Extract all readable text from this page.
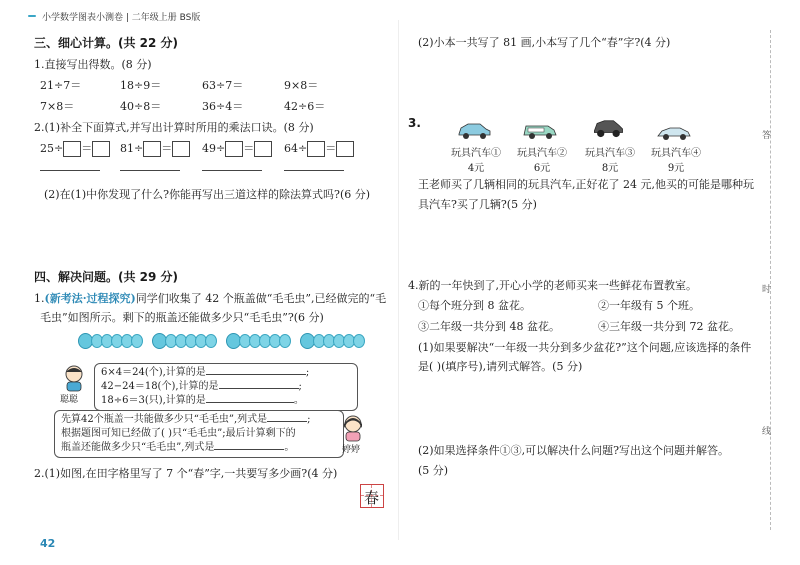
小学数学图表小测卷 | 二年级上册 BS版
三、细心计算。(共 22 分)
1.直接写出得数。(8 分)
21÷7＝	18÷9＝	63÷7＝	9×8＝
7×8＝	40÷8＝	36÷4＝	42÷6＝
2.(1)补全下面算式,并写出计算时所用的乘法口诀。(8 分)
25÷ ＝	81÷ ＝	49÷ ＝	64÷ ＝
(2)在(1)中你发现了什么?你能再写出三道这样的除法算式吗?(6 分)
四、解决问题。(共 29 分)
1.(新考法·过程探究)同学们收集了 42 个瓶盖做“毛毛虫”,已经做完的“毛
毛虫”如图所示。剩下的瓶盖还能做多少只“毛毛虫”?(6 分)
聪聪
6×4＝24(个),计算的是	;
42−24＝18(个),计算的是	;
18÷6＝3(只),计算的是	。
先算42个瓶盖一共能做多少只“毛毛虫”,列式是	;
根据题图可知已经做了( )只“毛毛虫”;最后计算剩下的
瓶盖还能做多少只“毛毛虫”,列式是	。	婷婷
2.(1)如图,在田字格里写了 7 个“春”字,一共要写多少画?(4 分)
春
42
(2)小本一共写了 81 画,小本写了几个“春”字?(4 分)
3.
玩具汽车①
4元
玩具汽车②
6元
玩具汽车③
8元
玩具汽车④
9元
王老师买了几辆相同的玩具汽车,正好花了 24 元,他买的可能是哪种玩
具汽车?买了几辆?(5 分)
4.新的一年快到了,开心小学的老师买来一些鲜花布置教室。
①每个班分到 8 盆花。	②一年级有 5 个班。
③二年级一共分到 48 盆花。	④三年级一共分到 72 盆花。
(1)如果要解决“一年级一共分到多少盆花?”这个问题,应该选择的条件
是( )(填序号),请列式解答。(5 分)
(2)如果选择条件①③,可以解决什么问题?写出这个问题并解答。
(5 分)
答
时
线
